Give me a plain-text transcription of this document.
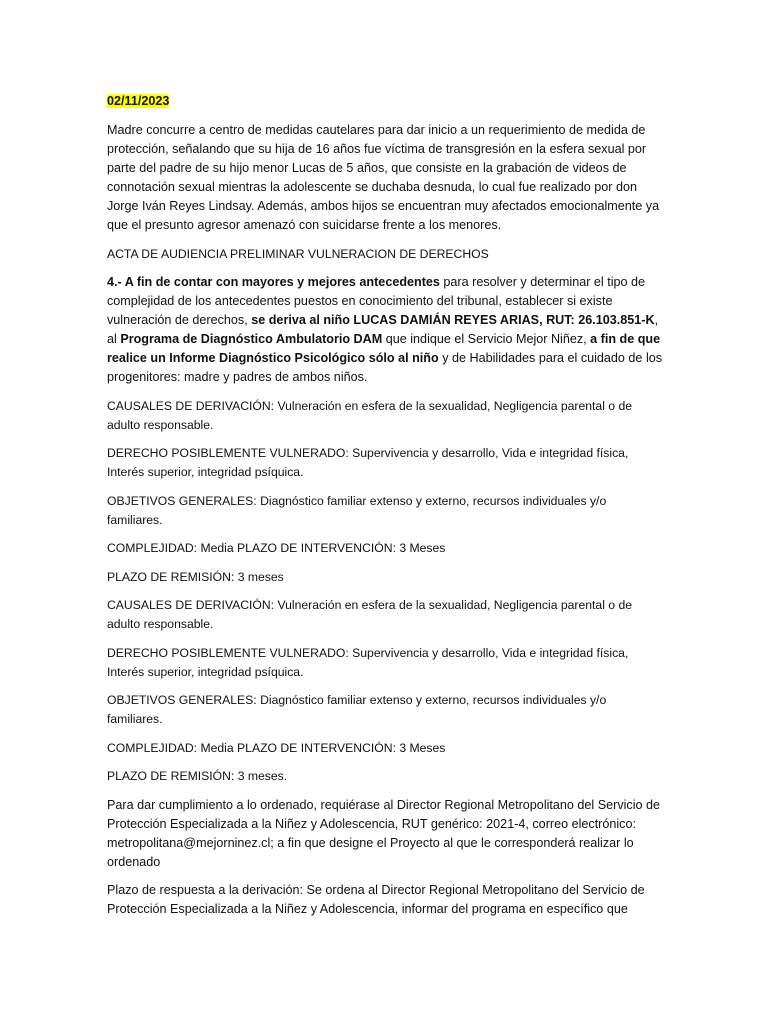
02/11/2023

Madre concurre a centro de medidas cautelares para dar inicio a un requerimiento de medida de protección, señalando que su hija de 16 años fue víctima de transgresión en la esfera sexual por parte del padre de su hijo menor Lucas de 5 años, que consiste en la grabación de videos de connotación sexual mientras la adolescente se duchaba desnuda, lo cual fue realizado por don Jorge Iván Reyes Lindsay. Además, ambos hijos se encuentran muy afectados emocionalmente ya que el presunto agresor amenazó con suicidarse frente a los menores.

ACTA DE AUDIENCIA PRELIMINAR VULNERACION DE DERECHOS

4.- A fin de contar con mayores y mejores antecedentes para resolver y determinar el tipo de complejidad de los antecedentes puestos en conocimiento del tribunal, establecer si existe vulneración de derechos, se deriva al niño LUCAS DAMIÁN REYES ARIAS, RUT: 26.103.851-K, al Programa de Diagnóstico Ambulatorio DAM que indique el Servicio Mejor Niñez, a fin de que realice un Informe Diagnóstico Psicológico sólo al niño y de Habilidades para el cuidado de los progenitores: madre y padres de ambos niños.

CAUSALES DE DERIVACIÓN: Vulneración en esfera de la sexualidad, Negligencia parental o de adulto responsable.

DERECHO POSIBLEMENTE VULNERADO: Supervivencia y desarrollo, Vida e integridad física, Interés superior, integridad psíquica.

OBJETIVOS GENERALES: Diagnóstico familiar extenso y externo, recursos individuales y/o familiares.

COMPLEJIDAD: Media PLAZO DE INTERVENCIÓN: 3 Meses

PLAZO DE REMISIÓN: 3 meses

CAUSALES DE DERIVACIÓN: Vulneración en esfera de la sexualidad, Negligencia parental o de adulto responsable.

DERECHO POSIBLEMENTE VULNERADO: Supervivencia y desarrollo, Vida e integridad física, Interés superior, integridad psíquica.

OBJETIVOS GENERALES: Diagnóstico familiar extenso y externo, recursos individuales y/o familiares.

COMPLEJIDAD: Media PLAZO DE INTERVENCIÓN: 3 Meses

PLAZO DE REMISIÓN: 3 meses.

Para dar cumplimiento a lo ordenado, requiérase al Director Regional Metropolitano del Servicio de Protección Especializada a la Niñez y Adolescencia, RUT genérico: 2021-4, correo electrónico: metropolitana@mejorninez.cl; a fin que designe el Proyecto al que le corresponderá realizar lo ordenado

Plazo de respuesta a la derivación: Se ordena al Director Regional Metropolitano del Servicio de Protección Especializada a la Niñez y Adolescencia, informar del programa en específico que
